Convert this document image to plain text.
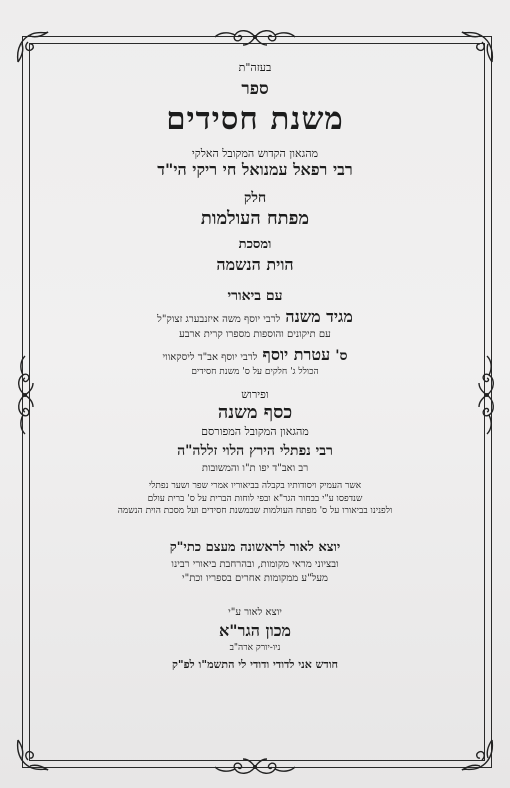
בעזה"ת
ספר
משנת חסידים
מהגאון הקדוש המקובל האלקי
רבי רפאל עמנואל חי ריקי הי"ד
חלק
מפתח העולמות
ומסכת
הוית הנשמה
עם ביאורי
מגיד משנה לרבי יוסף משה איזנבערג זצוק"ל
עם תיקונים והוספות מספרו קרית ארבע
ס' עטרת יוסף לרבי יוסף אב"ד ליסקאווי
הכולל ג' חלקים על ס' משנת חסידים
ופירוש
כסף משנה
מהגאון המקובל המפורסם
רבי נפתלי הירץ הלוי זללה"ה
רב ואב"ד יפו ת"ו והמשובות
אשר העמיק ויסודותיו בקבלה בביאוריו אמרי שפר ושער נפתלי
שנדפסו ע"י בבחור הגר"א ובפי לוחות הברית על ס' ברית עולם
ולפנינו בביאורו על ס' מפתח העולמות שבמשנת חסידים ועל מסכת הוית הנשמה
יוצא לאור לראשונה מעצם כתי"ק
ובציוני מראי מקומות, ובהרחבת ביאורי רבינו
מעל"ע ממקומות אחרים בספריו וכת"י
יוצא לאור ע"י
מכון הגר"א
ניו-יורק ארה"ב
חודש אני לדודי ודודי לי התשמ"ו לפ"ק
